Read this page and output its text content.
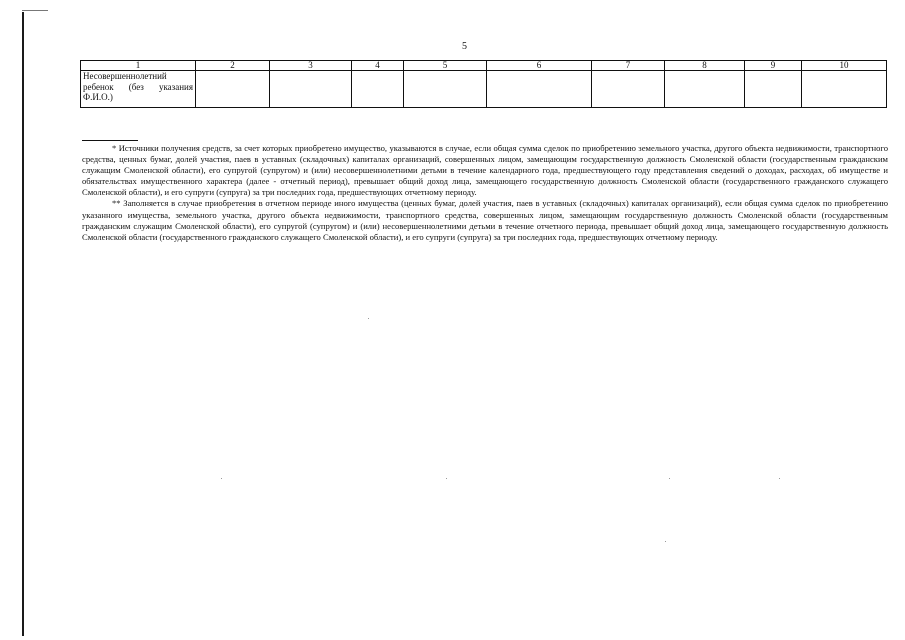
5
1	2	3	4	5	6	7	8	9	10
Несовершеннолетний ребенок (без указания Ф.И.О.)									

* Источники получения средств, за счет которых приобретено имущество, указываются в случае, если общая сумма сделок по приобретению земельного участка, другого объекта недвижимости, транспортного средства, ценных бумаг, долей участия, паев в уставных (складочных) капиталах организаций, совершенных лицом, замещающим государственную должность Смоленской области (государственным гражданским служащим Смоленской области), его супругой (супругом) и (или) несовершеннолетними детьми в течение календарного года, предшествующего году представления сведений о доходах, расходах, об имуществе и обязательствах имущественного характера (далее - отчетный период), превышает общий доход лица, замещающего государственную должность Смоленской области (государственного гражданского служащего Смоленской области), и его супруги (супруга) за три последних года, предшествующих отчетному периоду.

** Заполняется в случае приобретения в отчетном периоде иного имущества (ценных бумаг, долей участия, паев в уставных (складочных) капиталах организаций), если общая сумма сделок по приобретению указанного имущества, земельного участка, другого объекта недвижимости, транспортного средства, совершенных лицом, замещающим государственную должность Смоленской области (государственным гражданским служащим Смоленской области), его супругой (супругом) и (или) несовершеннолетними детьми в течение отчетного периода, превышает общий доход лица, замещающего государственную должность Смоленской области (государственного гражданского служащего Смоленской области), и его супруги (супруга) за три последних года, предшествующих отчетному периоду.
